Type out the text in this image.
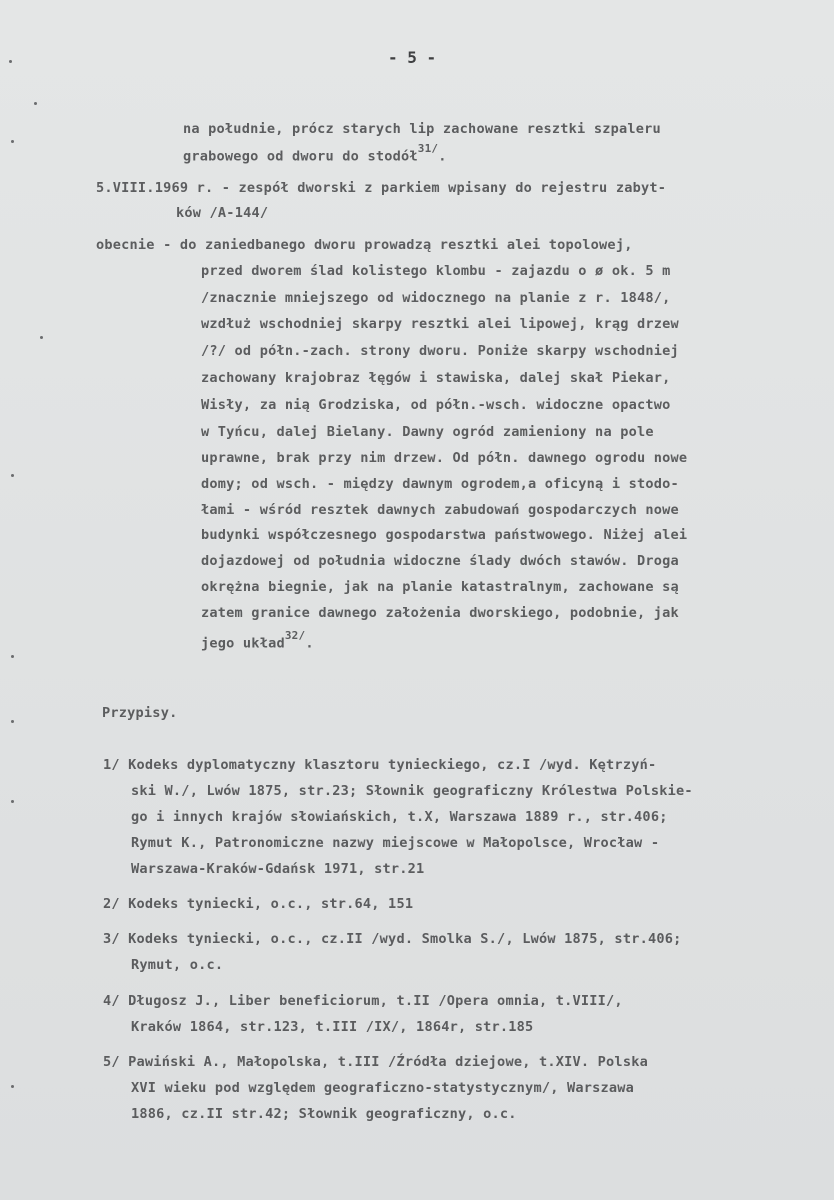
- 5 -
na południe, prócz starych lip zachowane resztki szpaleru
grabowego od dworu do stodół$^{31/}$.
5.VIII.1969 r. - zespół dworski z parkiem wpisany do rejestru zabyt-
ków /A-144/
obecnie - do zaniedbanego dworu prowadzą resztki alei topolowej,
przed dworem ślad kolistego klombu - zajazdu o ø ok. 5 m
/znacznie mniejszego od widocznego na planie z r. 1848/,
wzdłuż wschodniej skarpy resztki alei lipowej, krąg drzew
/?/ od półn.-zach. strony dworu. Poniże skarpy wschodniej
zachowany krajobraz łęgów i stawiska, dalej skał Piekar,
Wisły, za nią Grodziska, od półn.-wsch. widoczne opactwo
w Tyńcu, dalej Bielany. Dawny ogród zamieniony na pole
uprawne, brak przy nim drzew. Od półn. dawnego ogrodu nowe
domy; od wsch. - między dawnym ogrodem,a oficyną i stodo-
łami - wśród resztek dawnych zabudowań gospodarczych nowe
budynki współczesnego gospodarstwa państwowego. Niżej alei
dojazdowej od południa widoczne ślady dwóch stawów. Droga
okrężna biegnie, jak na planie katastralnym, zachowane są
zatem granice dawnego założenia dworskiego, podobnie, jak
jego układ$^{32/}$.
Przypisy.
1/ Kodeks dyplomatyczny klasztoru tynieckiego, cz.I /wyd. Kętrzyń-
ski W./, Lwów 1875, str.23; Słownik geograficzny Królestwa Polskie-
go i innych krajów słowiańskich, t.X, Warszawa 1889 r., str.406;
Rymut K., Patronomiczne nazwy miejscowe w Małopolsce, Wrocław -
Warszawa-Kraków-Gdańsk 1971, str.21
2/ Kodeks tyniecki, o.c., str.64, 151
3/ Kodeks tyniecki, o.c., cz.II /wyd. Smolka S./, Lwów 1875, str.406;
Rymut, o.c.
4/ Długosz J., Liber beneficiorum, t.II /Opera omnia, t.VIII/,
Kraków 1864, str.123, t.III /IX/, 1864r, str.185
5/ Pawiński A., Małopolska, t.III /Źródła dziejowe, t.XIV. Polska
XVI wieku pod względem geograficzno-statystycznym/, Warszawa
1886, cz.II str.42; Słownik geograficzny, o.c.
